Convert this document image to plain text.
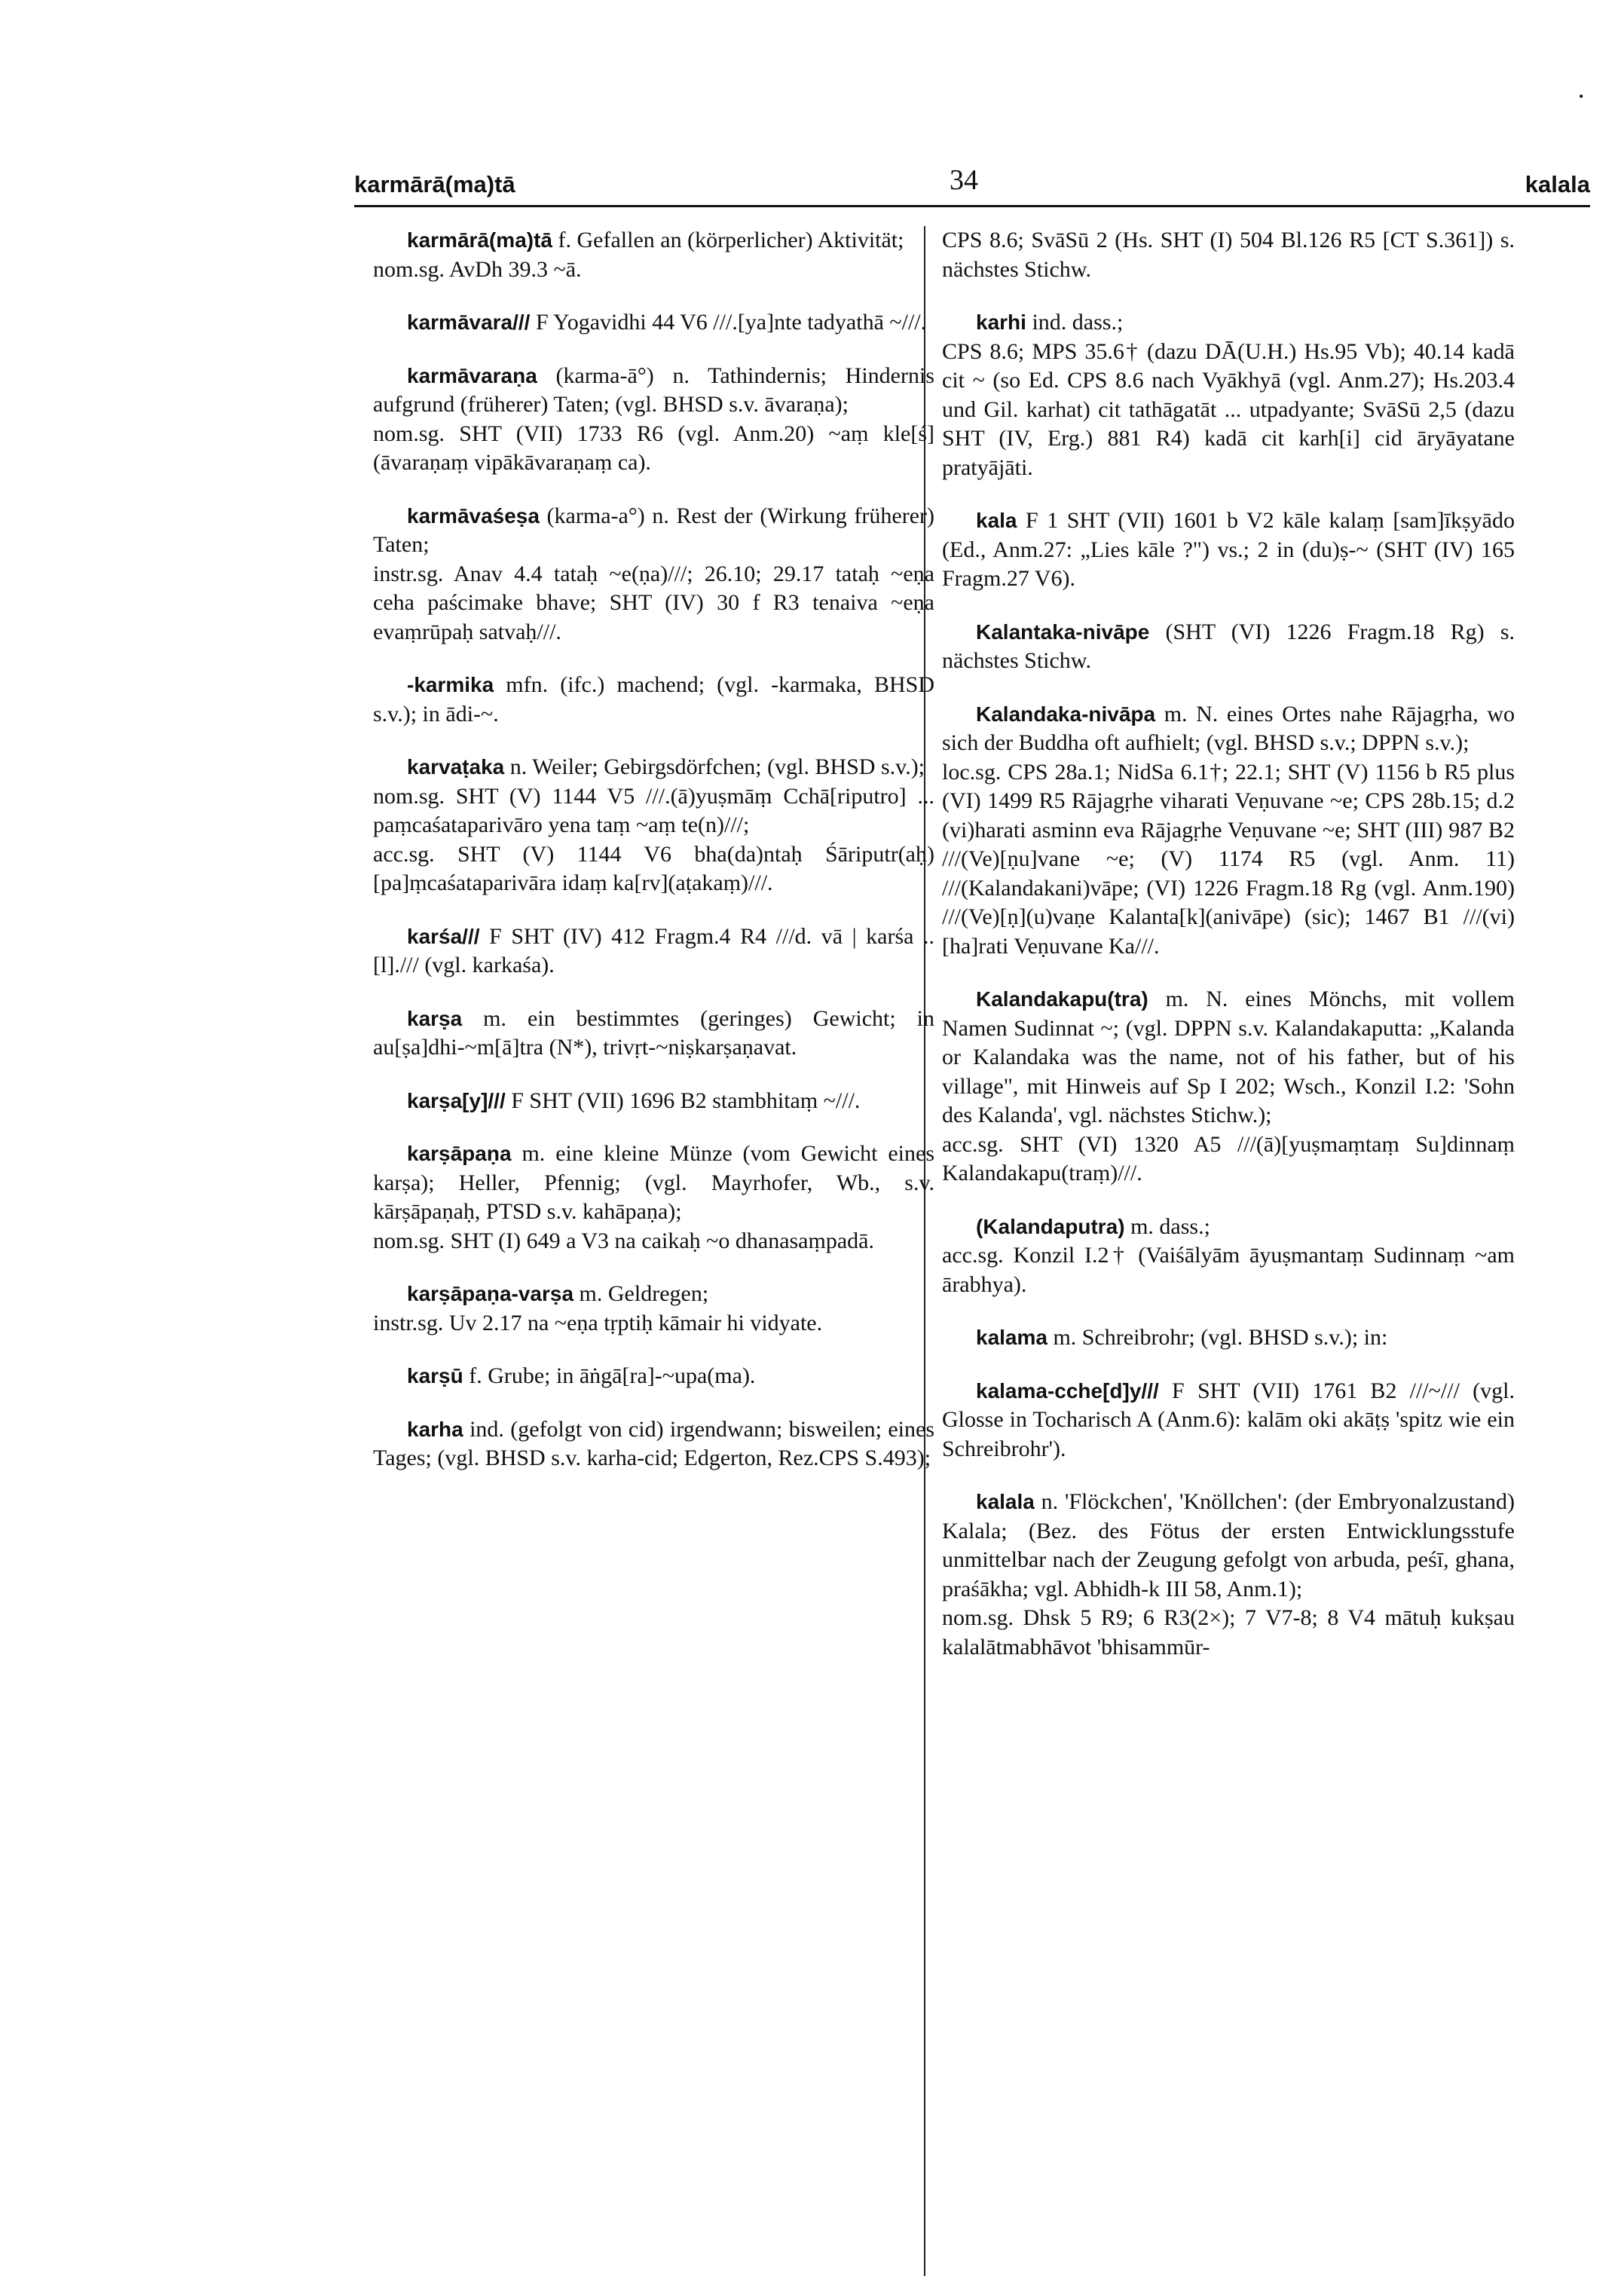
•
karmārā(ma)tā	34	kalala
karmārā(ma)tā f. Gefallen an (körperlicher) Aktivität;
nom.sg. AvDh 39.3 ~ā.
karmāvara/// F Yogavidhi 44 V6 ///.[ya]nte tadyathā ~///.
karmāvaraṇa (karma-ā°) n. Tathindernis; Hindernis aufgrund (früherer) Taten; (vgl. BHSD s.v. āvaraṇa);
nom.sg. SHT (VII) 1733 R6 (vgl. Anm.20) ~aṃ kle[ś](āvaraṇaṃ vipākāvaraṇaṃ ca).
karmāvaśeṣa (karma-a°) n. Rest der (Wirkung früherer) Taten;
instr.sg. Anav 4.4 tataḥ ~e(ṇa)///; 26.10; 29.17 tataḥ ~eṇa ceha paścimake bhave; SHT (IV) 30 f R3 tenaiva ~eṇa evaṃrūpaḥ satvaḥ///.
-karmika mfn. (ifc.) machend; (vgl. -karmaka, BHSD s.v.); in ādi-~.
karvaṭaka n. Weiler; Gebirgsdörfchen; (vgl. BHSD s.v.);
nom.sg. SHT (V) 1144 V5 ///.(ā)yuṣmāṃ Cchā[riputro] ... paṃcaśataparivāro yena taṃ ~aṃ te(n)///;
acc.sg. SHT (V) 1144 V6 bha(da)ntaḥ Śāriputr(aḥ) [pa]ṃcaśataparivāra idaṃ ka[rv](aṭakaṃ)///.
karśa/// F SHT (IV) 412 Fragm.4 R4 ///d. vā | karśa .. [l]./// (vgl. karkaśa).
karṣa m. ein bestimmtes (geringes) Gewicht; in au[ṣa]dhi-~m[ā]tra (N*), trivṛt-~niṣkarṣaṇavat.
karṣa[y]/// F SHT (VII) 1696 B2 stambhitaṃ ~///.
karṣāpaṇa m. eine kleine Münze (vom Gewicht eines karṣa); Heller, Pfennig; (vgl. Mayrhofer, Wb., s.v. kārṣāpaṇaḥ, PTSD s.v. kahāpaṇa);
nom.sg. SHT (I) 649 a V3 na caikaḥ ~o dhanasaṃpadā.
karṣāpaṇa-varṣa m. Geldregen;
instr.sg. Uv 2.17 na ~eṇa tṛptiḥ kāmair hi vidyate.
karṣū f. Grube; in āṅgā[ra]-~upa(ma).
karha ind. (gefolgt von cid) irgendwann; bisweilen; eines Tages; (vgl. BHSD s.v. karha-cid; Edgerton, Rez.CPS S.493);
CPS 8.6; SvāSū 2 (Hs. SHT (I) 504 Bl.126 R5 [CT S.361]) s. nächstes Stichw.
karhi ind. dass.;
CPS 8.6; MPS 35.6† (dazu DĀ(U.H.) Hs.95 Vb); 40.14 kadā cit ~ (so Ed. CPS 8.6 nach Vyākhyā (vgl. Anm.27); Hs.203.4 und Gil. karhat) cit tathāgatāt ... utpadyante; SvāSū 2,5 (dazu SHT (IV, Erg.) 881 R4) kadā cit karh[i] cid āryāyatane pratyājāti.
kala F 1 SHT (VII) 1601 b V2 kāle kalaṃ [sam]īkṣyādo (Ed., Anm.27: „Lies kāle ?") vs.; 2 in (du)ṣ-~ (SHT (IV) 165 Fragm.27 V6).
Kalantaka-nivāpe (SHT (VI) 1226 Fragm.18 Rg) s. nächstes Stichw.
Kalandaka-nivāpa m. N. eines Ortes nahe Rājagṛha, wo sich der Buddha oft aufhielt; (vgl. BHSD s.v.; DPPN s.v.);
loc.sg. CPS 28a.1; NidSa 6.1†; 22.1; SHT (V) 1156 b R5 plus (VI) 1499 R5 Rājagṛhe viharati Veṇuvane ~e; CPS 28b.15; d.2 (vi)harati asminn eva Rājagṛhe Veṇuvane ~e; SHT (III) 987 B2 ///(Ve)[ṇu]vane ~e; (V) 1174 R5 (vgl. Anm. 11) ///(Kalandakani)vāpe; (VI) 1226 Fragm.18 Rg (vgl. Anm.190) ///(Ve)[ṇ](u)vaṇe Kalanta[k](anivāpe) (sic); 1467 B1 ///(vi)[ha]rati Veṇuvane Ka///.
Kalandakapu(tra) m. N. eines Mönchs, mit vollem Namen Sudinnat ~; (vgl. DPPN s.v. Kalandakaputta: „Kalanda or Kalandaka was the name, not of his father, but of his village", mit Hinweis auf Sp I 202; Wsch., Konzil I.2: 'Sohn des Kalanda', vgl. nächstes Stichw.);
acc.sg. SHT (VI) 1320 A5 ///(ā)[yuṣmaṃtaṃ Su]dinnaṃ Kalandakapu(traṃ)///.
(Kalandaputra) m. dass.;
acc.sg. Konzil I.2† (Vaiśālyām āyuṣmantaṃ Sudinnaṃ ~am ārabhya).
kalama m. Schreibrohr; (vgl. BHSD s.v.); in:
kalama-cche[d]y/// F SHT (VII) 1761 B2 ///~/// (vgl. Glosse in Tocharisch A (Anm.6): kalām oki akāṭṣ 'spitz wie ein Schreibrohr').
kalala n. 'Flöckchen', 'Knöllchen': (der Embryonalzustand) Kalala; (Bez. des Fötus der ersten Entwicklungsstufe unmittelbar nach der Zeugung gefolgt von arbuda, peśī, ghana, praśākha; vgl. Abhidh-k III 58, Anm.1);
nom.sg. Dhsk 5 R9; 6 R3(2×); 7 V7-8; 8 V4 mātuḥ kukṣau kalalātmabhāvot 'bhisammūr-
